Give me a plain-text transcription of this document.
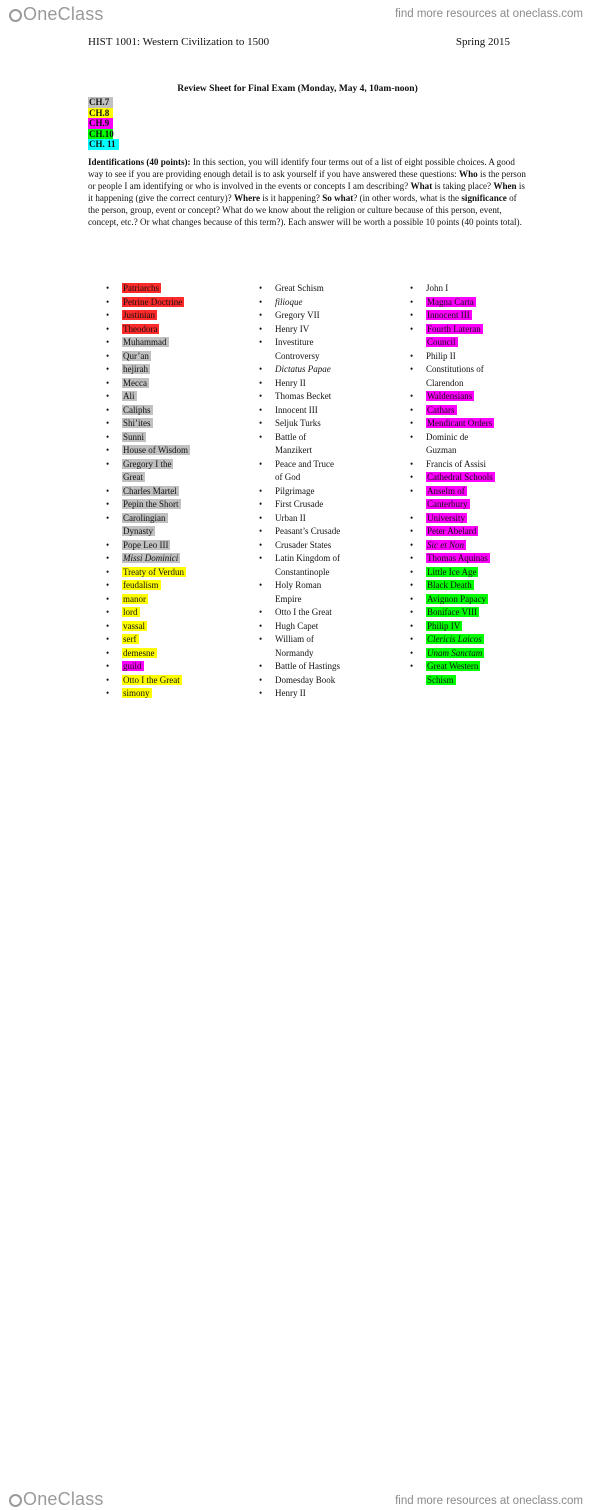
OneClass	find more resources at oneclass.com
HIST 1001: Western Civilization to 1500	Spring 2015
Review Sheet for Final Exam (Monday, May 4, 10am-noon)
CH.7
CH.8
CH.9
CH.10
CH. 11
Identifications (40 points): In this section, you will identify four terms out of a list of eight possible choices. A good way to see if you are providing enough detail is to ask yourself if you have answered these questions: Who is the person or people I am identifying or who is involved in the events or concepts I am describing? What is taking place? When is it happening (give the correct century)? Where is it happening? So what? (in other words, what is the significance of the person, group, event or concept? What do we know about the religion or culture because of this person, event, concept, etc.? Or what changes because of this term?). Each answer will be worth a possible 10 points (40 points total).
• Patriarchs
• Petrine Doctrine
• Justinian
• Theodora
• Muhammad
• Qur’an
• hejirah
• Mecca
• Ali
• Caliphs
• Shi’ites
• Sunni
• House of Wisdom
• Gregory I the
Great
• Charles Martel
• Pepin the Short
• Carolingian
Dynasty
• Pope Leo III
• Missi Dominici
• Treaty of Verdun
• feudalism
• manor
• lord
• vassal
• serf
• demesne
• guild
• Otto I the Great
• simony
• Great Schism
• filioque
• Gregory VII
• Henry IV
• Investiture
Controversy
• Dictatus Papae
• Henry II
• Thomas Becket
• Innocent III
• Seljuk Turks
• Battle of
Manzikert
• Peace and Truce
of God
• Pilgrimage
• First Crusade
• Urban II
• Peasant’s Crusade
• Crusader States
• Latin Kingdom of
Constantinople
• Holy Roman
Empire
• Otto I the Great
• Hugh Capet
• William of
Normandy
• Battle of Hastings
• Domesday Book
• Henry II
• John I
• Magna Carta
• Innocent III
• Fourth Lateran
Council
• Philip II
• Constitutions of
Clarendon
• Waldensians
• Cathars
• Mendicant Orders
• Dominic de
Guzman
• Francis of Assisi
• Cathedral Schools
• Anselm of
Canterbury
• University
• Peter Abelard
• Sic et Non
• Thomas Aquinas
• Little Ice Age
• Black Death
• Avignon Papacy
• Boniface VIII
• Philip IV
• Clericis Laicos
• Unam Sanctam
• Great Western
Schism
OneClass	find more resources at oneclass.com
